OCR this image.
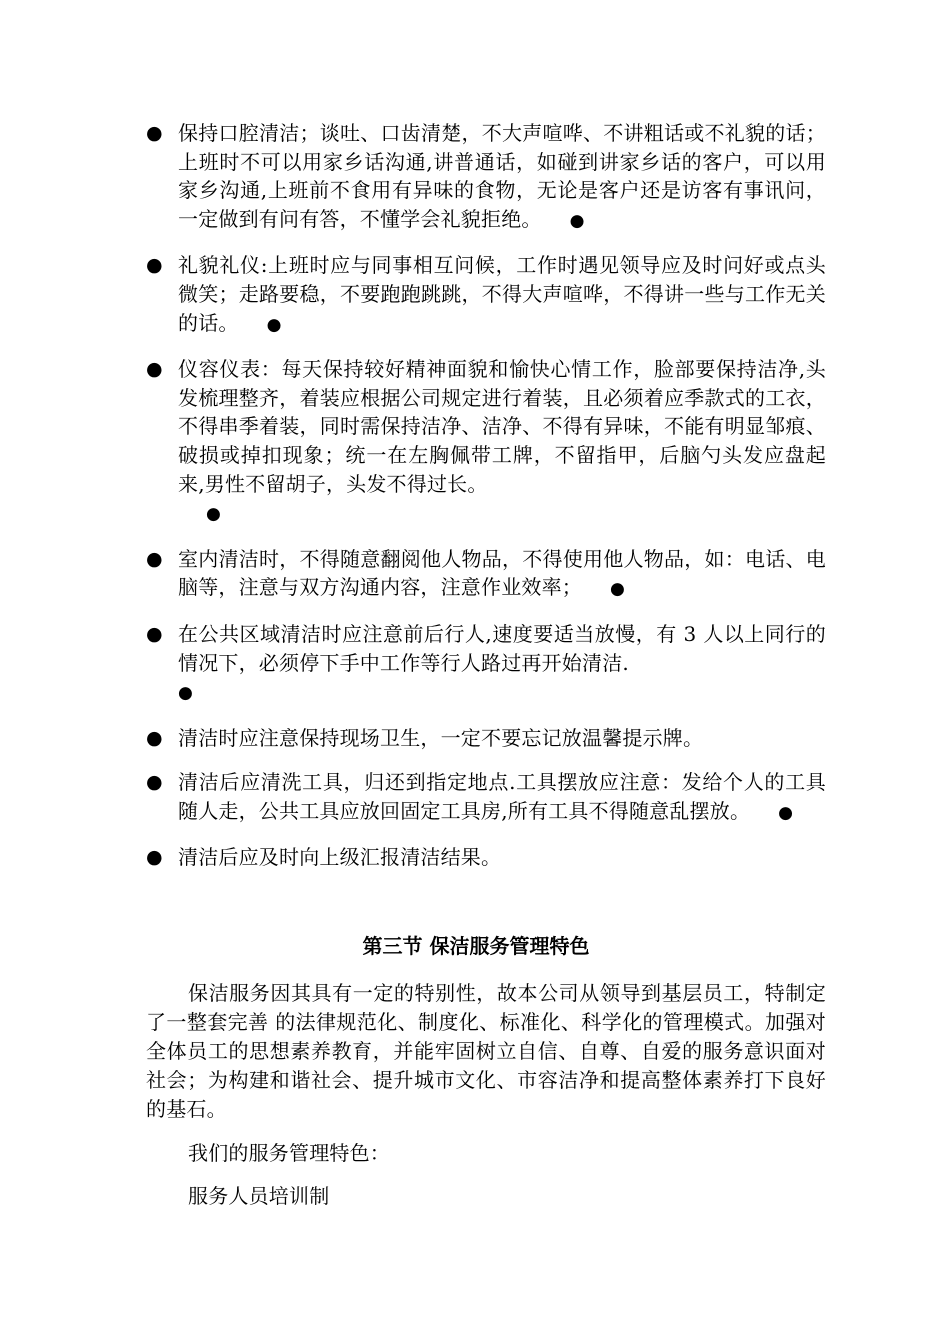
● 保持口腔清洁；谈吐、口齿清楚，不大声喧哗、不讲粗话或不礼貌的话；上班时不可以用家乡话沟通,讲普通话，如碰到讲家乡话的客户，可以用家乡沟通,上班前不食用有异味的食物，无论是客户还是访客有事讯问，一定做到有问有答，不懂学会礼貌拒绝。 ●
● 礼貌礼仪:上班时应与同事相互问候，工作时遇见领导应及时问好或点头微笑；走路要稳，不要跑跑跳跳，不得大声喧哗，不得讲一些与工作无关的话。 ●
● 仪容仪表：每天保持较好精神面貌和愉快心情工作，脸部要保持洁净,头发梳理整齐，着装应根据公司规定进行着装，且必须着应季款式的工衣，不得串季着装，同时需保持洁净、洁净、不得有异味，不能有明显邹痕、破损或掉扣现象；统一在左胸佩带工牌，不留指甲，后脑勺头发应盘起来,男性不留胡子，头发不得过长。
●
● 室内清洁时，不得随意翻阅他人物品，不得使用他人物品，如：电话、电脑等，注意与双方沟通内容，注意作业效率； ●
● 在公共区域清洁时应注意前后行人,速度要适当放慢，有 3 人以上同行的情况下，必须停下手中工作等行人路过再开始清洁.
●
● 清洁时应注意保持现场卫生，一定不要忘记放温馨提示牌。
● 清洁后应清洗工具，归还到指定地点.工具摆放应注意：发给个人的工具随人走，公共工具应放回固定工具房,所有工具不得随意乱摆放。 ●
● 清洁后应及时向上级汇报清洁结果。
第三节 保洁服务管理特色

保洁服务因其具有一定的特别性，故本公司从领导到基层员工，特制定了一整套完善 的法律规范化、制度化、标准化、科学化的管理模式。加强对全体员工的思想素养教育，并能牢固树立自信、自尊、自爱的服务意识面对社会；为构建和谐社会、提升城市文化、市容洁净和提高整体素养打下良好的基石。

我们的服务管理特色：

服务人员培训制
